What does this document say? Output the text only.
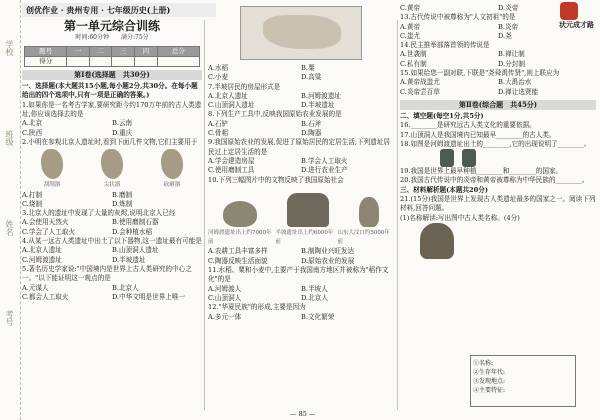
学校
班级
姓名
考号
创优作业 · 贵州专用 · 七年级历史(上册)
状元成才路
第一单元综合训练
时间:60分钟　　满分:75分
题号	一	二	三	四	总分
得分					
第Ⅰ卷(选择题　共30分)
一、选择题(本大题共15小题,每小题2分,共30分。在每小题给出的四个选项中,只有一项是正确的答案。)
1.如果你是一名考古学家,要研究距今约170万年前的古人类遗址,你应该选择去的是
A.北京	B.云南
C.陕西	D.重庆
2.小明在参观北京人遗址时,看到下面几件文物,它们主要用于
刮削器	尖状器	砍砸器
A.打制	B.磨制
C.烧制	D.炼制
3.北京人的遗址中发现了大量的灰烬,说明北京人已经
A.会使用天然火	B.使用磨制石器
C.学会了人工取火	D.会种植水稻
4.从某一远古人类遗址中出土了以下器物,这一遗址最有可能是
A.北京人遗址	B.山顶洞人遗址
C.河姆渡遗址	D.半坡遗址
5.著名历史学家说:"中国境内是世界上古人类研究的中心之一。"以下能证明这一观点的是
A.元谋人	B.北京人
C.都会人工取火	D.中华文明是世界上唯一
A.水稻	B.粟
C.小麦	D.高粱
7.半坡居民的房屋形式是
A.北京人遗址	B.河姆渡遗址
C.山顶洞人遗址	D.半坡遗址
8.下列生产工具中,反映我国原始农业发展的是
A.石铲	B.石斧
C.骨耜	D.陶器
9.我国原始农业的发展,促进了原始居民的定居生活,下列遗址居民过上定居生活的是
A.学会建造房屋	B.学会人工取火
C.使用磨制工具	D.进行农业生产
10.下列三幅图片中的文物反映了我国原始社会
河姆渡遗址出土约7000年前
半坡遗址出土约6000年前
山东大汶口约5000年前
A.农耕工具丰富多样	B.制陶业兴旺发达
C.陶器反映生活面貌	D.原始农业的发展
11.水稻、粟和小麦中,主要产于我国南方地区并被称为"稻作文化"的是
A.河姆渡人	B.半坡人
C.山顶洞人	D.北京人
12."华夏民族"的形成,主要是因为
A.多元一体	B.文化繁荣
C.黄帝	D.炎帝
13.古代传说中被尊称为"人文初祖"的是
A.黄帝	B.炎帝
C.蚩尤	D.尧
14.民主推举部落首领的传说是
A.世袭制	B.禅让制
C.私有制	D.分封制
15.如果给您一副对联,下联是"尧舜禹传贤",则上联应为
A.黄帝战蚩尤	B.大禹治水
C.炎帝尝百草	D.禅让选贤能
第Ⅱ卷(综合题　共45分)
二、填空题(每空1分,共5分)
16.________是研究远古人类文化的重要依据。
17.山顶洞人是我国境内已知最早________的古人类。
18.如图是河姆渡遗址出土的________,它的出现说明了________。
19.我国是世界上最早种植________和________的国家。
20.我国古代传说中的炎帝和黄帝被尊称为中华民族的________。
三、材料解析题(本题共20分)
21.(15分)我国是世界上发现古人类遗址最多的国家之一。阅读下列材料,回答问题。
(1)名称解读:写出图中古人类名称。(4分)
①名称:
②生存年代:
③发现地点:
④主要特征:
— 85 —
